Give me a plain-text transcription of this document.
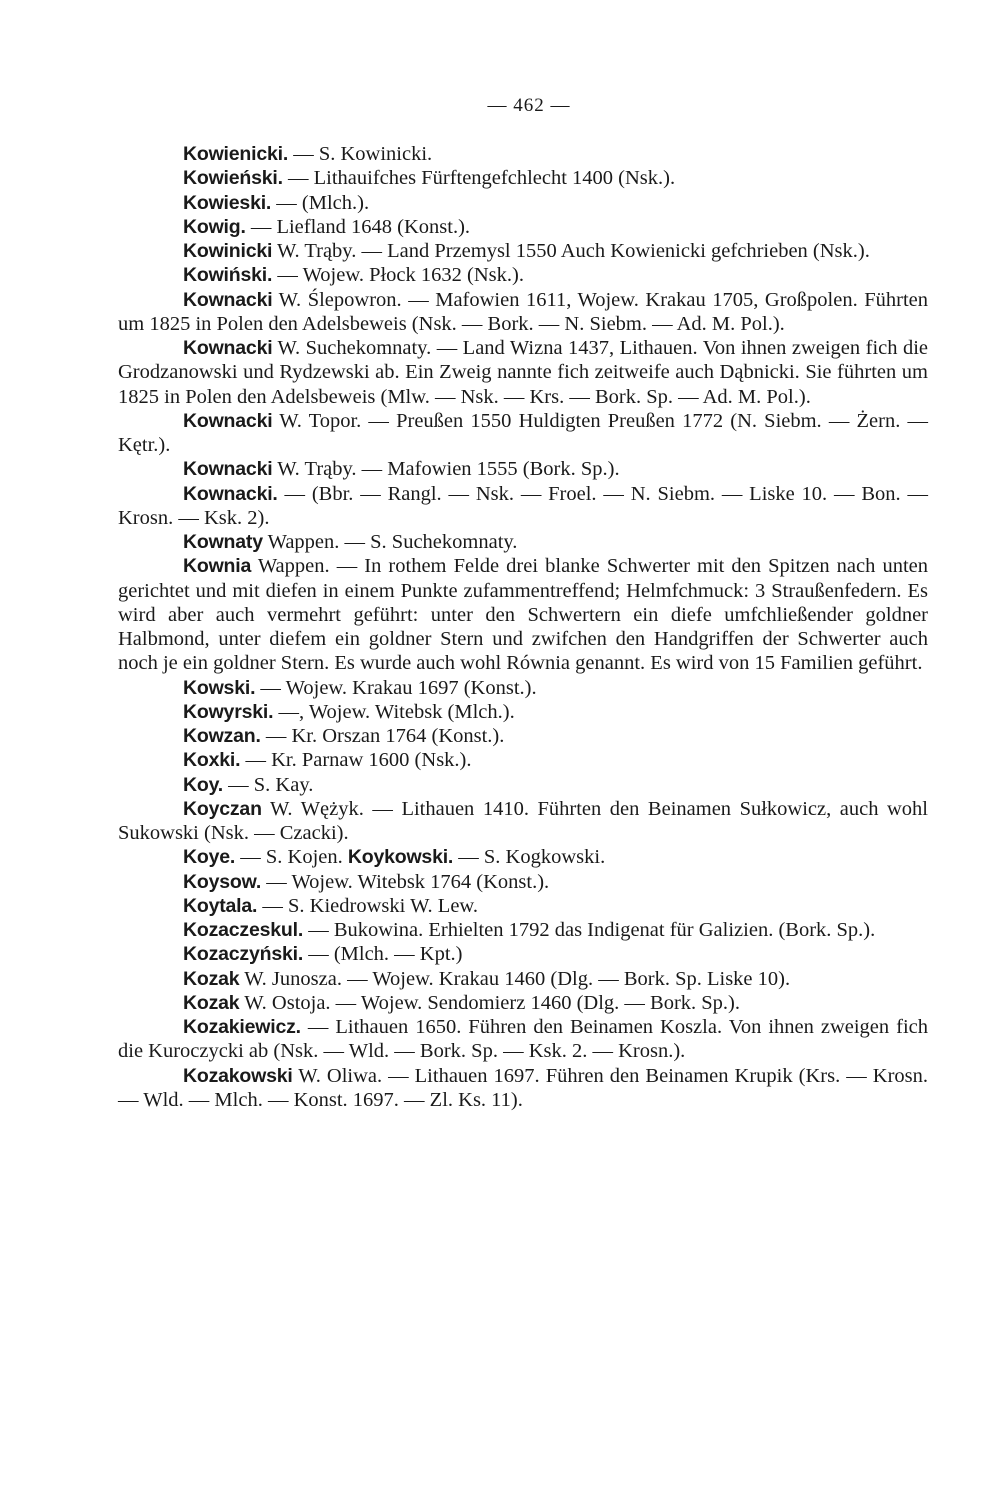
— 462 —

Kowienicki. — S. Kowinicki.

Kowieński. — Lithauifches Fürftengefchlecht 1400 (Nsk.).

Kowieski. — (Mlch.).

Kowig. — Liefland 1648 (Konst.).

Kowinicki W. Trąby. — Land Przemysl 1550 Auch Kowienicki gefchrieben (Nsk.).

Kowiński. — Wojew. Płock 1632 (Nsk.).

Kownacki W. Ślepowron. — Mafowien 1611, Wojew. Krakau 1705, Großpolen. Führten um 1825 in Polen den Adelsbeweis (Nsk. — Bork. — N. Siebm. — Ad. M. Pol.).

Kownacki W. Suchekomnaty. — Land Wizna 1437, Lithauen. Von ihnen zweigen fich die Grodzanowski und Rydzewski ab. Ein Zweig nannte fich zeitweife auch Dąbnicki. Sie führten um 1825 in Polen den Adelsbeweis (Mlw. — Nsk. — Krs. — Bork. Sp. — Ad. M. Pol.).

Kownacki W. Topor. — Preußen 1550 Huldigten Preußen 1772 (N. Siebm. — Żern. — Kętr.).

Kownacki W. Trąby. — Mafowien 1555 (Bork. Sp.).

Kownacki. — (Bbr. — Rangl. — Nsk. — Froel. — N. Siebm. — Liske 10. — Bon. — Krosn. — Ksk. 2).

Kownaty Wappen. — S. Suchekomnaty.

Kownia Wappen. — In rothem Felde drei blanke Schwerter mit den Spitzen nach unten gerichtet und mit diefen in einem Punkte zufammentreffend; Helmfchmuck: 3 Straußenfedern. Es wird aber auch vermehrt geführt: unter den Schwertern ein diefe umfchließender goldner Halbmond, unter diefem ein goldner Stern und zwifchen den Handgriffen der Schwerter auch noch je ein goldner Stern. Es wurde auch wohl Równia genannt. Es wird von 15 Familien geführt.

Kowski. — Wojew. Krakau 1697 (Konst.).

Kowyrski. —, Wojew. Witebsk (Mlch.).

Kowzan. — Kr. Orszan 1764 (Konst.).

Koxki. — Kr. Parnaw 1600 (Nsk.).

Koy. — S. Kay.

Koyczan W. Wężyk. — Lithauen 1410. Führten den Beinamen Sułkowicz, auch wohl Sukowski (Nsk. — Czacki).

Koye. — S. Kojen. Koykowski. — S. Kogkowski.

Koysow. — Wojew. Witebsk 1764 (Konst.).

Koytala. — S. Kiedrowski W. Lew.

Kozaczeskul. — Bukowina. Erhielten 1792 das Indigenat für Galizien. (Bork. Sp.).

Kozaczyński. — (Mlch. — Kpt.)

Kozak W. Junosza. — Wojew. Krakau 1460 (Dlg. — Bork. Sp. Liske 10).

Kozak W. Ostoja. — Wojew. Sendomierz 1460 (Dlg. — Bork. Sp.).

Kozakiewicz. — Lithauen 1650. Führen den Beinamen Koszla. Von ihnen zweigen fich die Kuroczycki ab (Nsk. — Wld. — Bork. Sp. — Ksk. 2. — Krosn.).

Kozakowski W. Oliwa. — Lithauen 1697. Führen den Beinamen Krupik (Krs. — Krosn. — Wld. — Mlch. — Konst. 1697. — Zl. Ks. 11).
